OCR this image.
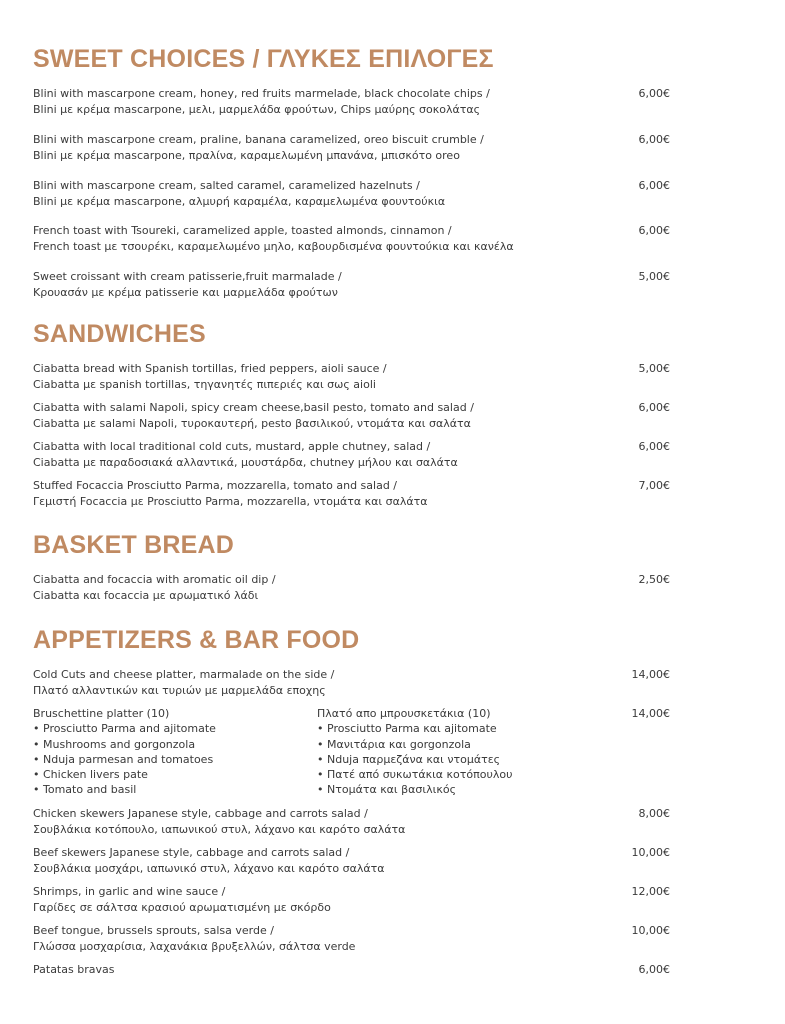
SWEET CHOICES / ΓΛΥΚΕΣ ΕΠΙΛΟΓΕΣ
Blini with mascarpone cream, honey, red fruits marmelade, black chocolate chips /
Blini με κρέμα mascarpone, μελι, μαρμελάδα φρούτων, Chips μαύρης σοκολάτας
6,00€
Blini with mascarpone cream, praline, banana caramelized, oreo biscuit crumble /
Blini με κρέμα mascarpone, πραλίνα, καραμελωμένη μπανάνα, μπισκότο oreo
6,00€
Blini with mascarpone cream, salted caramel, caramelized hazelnuts /
Blini με κρέμα mascarpone, αλμυρή καραμέλα, καραμελωμένα φουντούκια
6,00€
French toast with Tsoureki, caramelized apple, toasted almonds, cinnamon /
French toast με τσουρέκι, καραμελωμένο μηλο, καβουρδισμένα φουντούκια και κανέλα
6,00€
Sweet croissant with cream patisserie,fruit marmalade /
Κρουασάν με κρέμα patisserie και μαρμελάδα φρούτων
5,00€
SANDWICHES
Ciabatta bread with Spanish tortillas, fried peppers, aioli sauce /
Ciabatta με spanish tortillas, τηγανητές πιπεριές και σως aioli
5,00€
Ciabatta with salami Napoli, spicy cream cheese,basil pesto, tomato and salad /
Ciabatta με salami Napoli, τυροκαυτερή, pesto βασιλικού, ντομάτα και σαλάτα
6,00€
Ciabatta with local traditional cold cuts, mustard, apple chutney, salad /
Ciabatta με παραδοσιακά αλλαντικά, μουστάρδα, chutney μήλου και σαλάτα
6,00€
Stuffed Focaccia Prosciutto Parma, mozzarella, tomato and salad /
Γεμιστή Focaccia με Prosciutto Parma, mozzarella, ντομάτα και σαλάτα
7,00€
BASKET BREAD
Ciabatta and focaccia with aromatic oil dip /
Ciabatta και focaccia με αρωματικό λάδι
2,50€
APPETIZERS & BAR FOOD
Cold Cuts and cheese platter, marmalade on the side /
Πλατό αλλαντικών και τυριών με μαρμελάδα εποχης
14,00€
14,00€
Bruschettine platter (10)
• Prosciutto Parma and ajitomate
• Mushrooms and gorgonzola
• Nduja parmesan and tomatoes
• Chicken livers pate
• Tomato and basil
Πλατό απο μπρουσκετάκια (10)
• Prosciutto Parma και ajitomate
• Μανιτάρια και gorgonzola
• Nduja παρμεζάνα και ντομάτες
• Πατέ από συκωτάκια κοτόπουλου
• Ντομάτα και βασιλικός
Chicken skewers Japanese style, cabbage and carrots salad /
Σουβλάκια κοτόπουλο, ιαπωνικού στυλ, λάχανο και καρότο σαλάτα
8,00€
Beef skewers Japanese style, cabbage and carrots salad /
Σουβλάκια μοσχάρι, ιαπωνικό στυλ, λάχανο και καρότο σαλάτα
10,00€
Shrimps, in garlic and wine sauce /
Γαρίδες σε σάλτσα κρασιού αρωματισμένη με σκόρδο
12,00€
Beef tongue, brussels sprouts, salsa verde /
Γλώσσα μοσχαρίσια, λαχανάκια βρυξελλών, σάλτσα verde
10,00€
Patatas bravas	6,00€
